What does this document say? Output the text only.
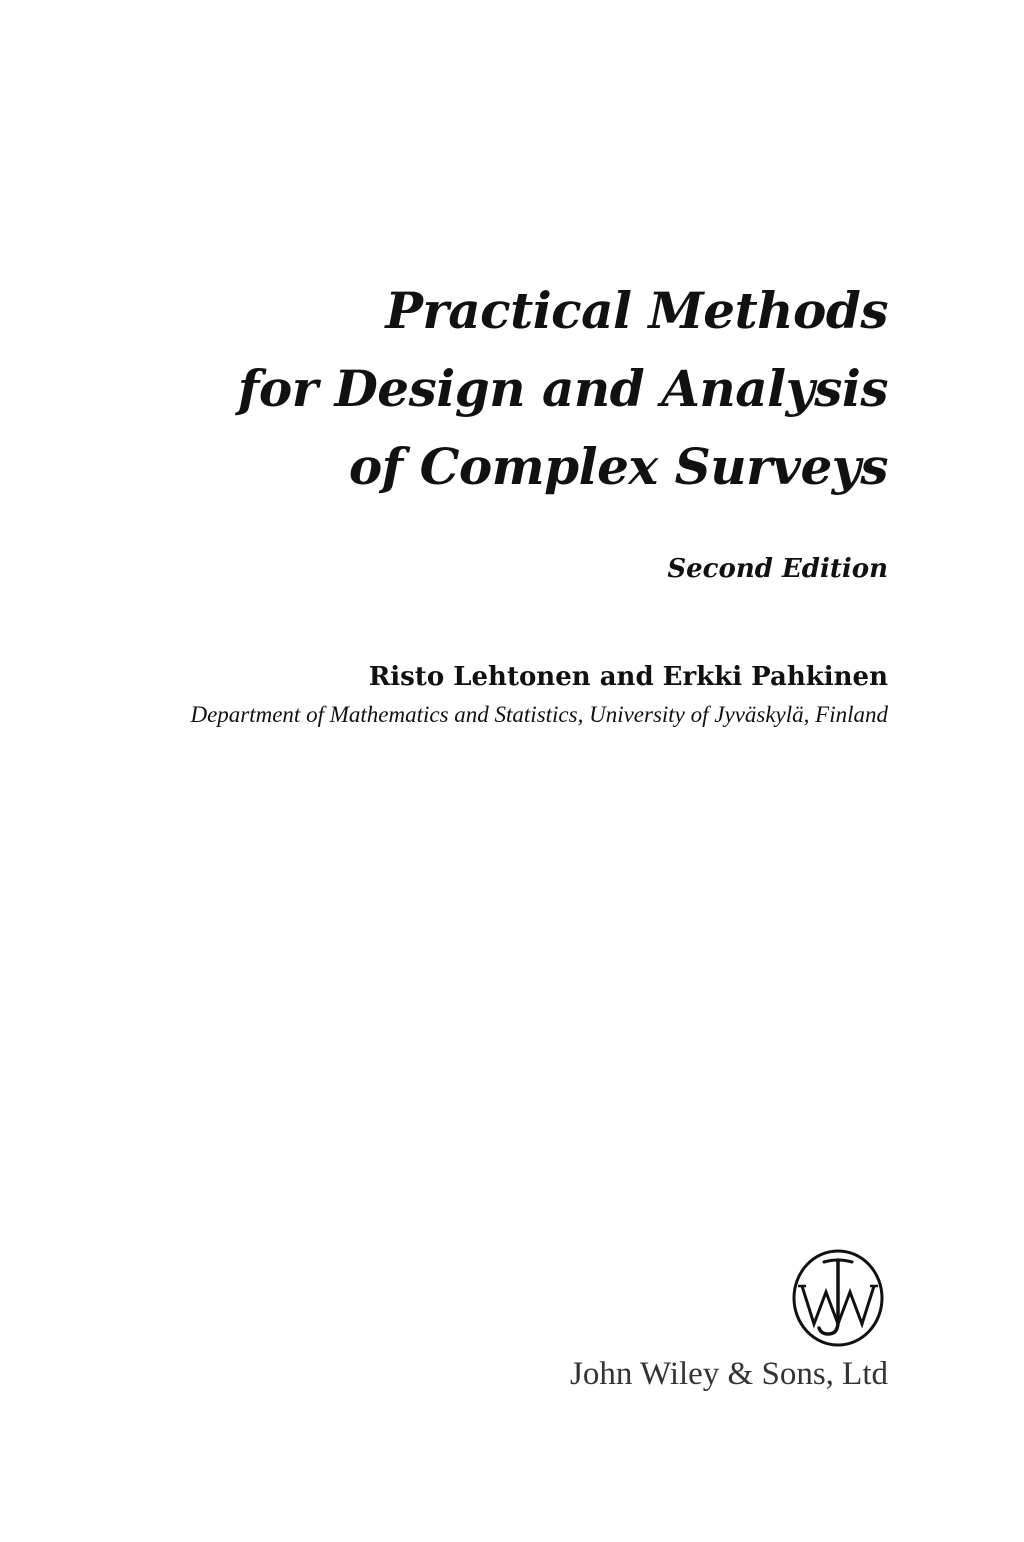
Practical Methods
for Design and Analysis
of Complex Surveys
Second Edition
Risto Lehtonen and Erkki Pahkinen
Department of Mathematics and Statistics, University of Jyväskylä, Finland
John Wiley & Sons, Ltd
